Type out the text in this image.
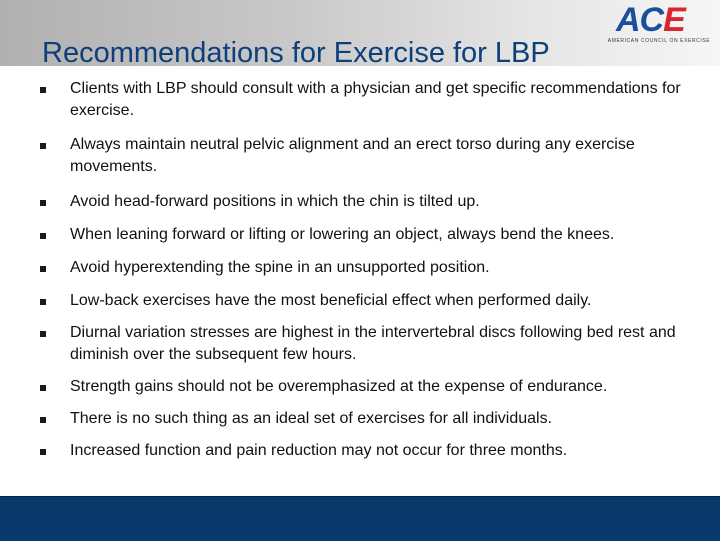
Recommendations for Exercise for LBP
ACE
AMERICAN COUNCIL ON EXERCISE
Clients with LBP should consult with a physician and get specific recommendations for exercise.
Always maintain neutral pelvic alignment and an erect torso during any exercise movements.
Avoid head-forward positions in which the chin is tilted up.
When leaning forward or lifting or lowering an object, always bend the knees.
Avoid hyperextending the spine in an unsupported position.
Low-back exercises have the most beneficial effect when performed daily.
Diurnal variation stresses are highest in the intervertebral discs following bed rest and diminish over the subsequent few hours.
Strength gains should not be overemphasized at the expense of endurance.
There is no such thing as an ideal set of exercises for all individuals.
Increased function and pain reduction may not occur for three months.
